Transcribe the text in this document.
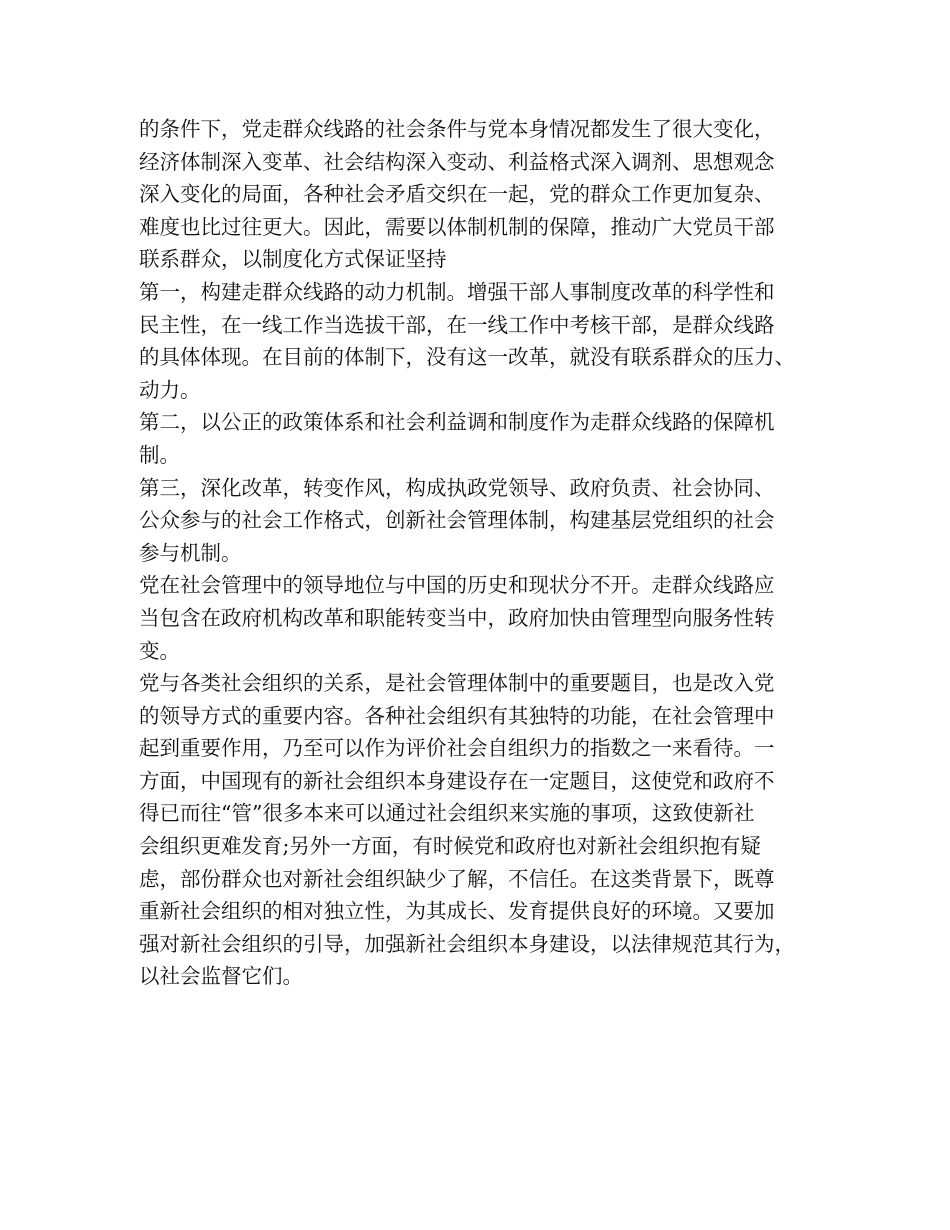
的条件下，党走群众线路的社会条件与党本身情况都发生了很大变化，
经济体制深入变革、社会结构深入变动、利益格式深入调剂、思想观念
深入变化的局面，各种社会矛盾交织在一起，党的群众工作更加复杂、
难度也比过往更大。因此，需要以体制机制的保障，推动广大党员干部
联系群众，以制度化方式保证坚持
第一，构建走群众线路的动力机制。增强干部人事制度改革的科学性和
民主性，在一线工作当选拔干部，在一线工作中考核干部，是群众线路
的具体体现。在目前的体制下，没有这一改革，就没有联系群众的压力、
动力。
第二，以公正的政策体系和社会利益调和制度作为走群众线路的保障机
制。
第三，深化改革，转变作风，构成执政党领导、政府负责、社会协同、
公众参与的社会工作格式，创新社会管理体制，构建基层党组织的社会
参与机制。
党在社会管理中的领导地位与中国的历史和现状分不开。走群众线路应
当包含在政府机构改革和职能转变当中，政府加快由管理型向服务性转
变。
党与各类社会组织的关系，是社会管理体制中的重要题目，也是改入党
的领导方式的重要内容。各种社会组织有其独特的功能，在社会管理中
起到重要作用，乃至可以作为评价社会自组织力的指数之一来看待。一
方面，中国现有的新社会组织本身建设存在一定题目，这使党和政府不
得已而往“管”很多本来可以通过社会组织来实施的事项，这致使新社
会组织更难发育;另外一方面，有时候党和政府也对新社会组织抱有疑
虑，部份群众也对新社会组织缺少了解，不信任。在这类背景下，既尊
重新社会组织的相对独立性，为其成长、发育提供良好的环境。又要加
强对新社会组织的引导，加强新社会组织本身建设，以法律规范其行为，
以社会监督它们。
